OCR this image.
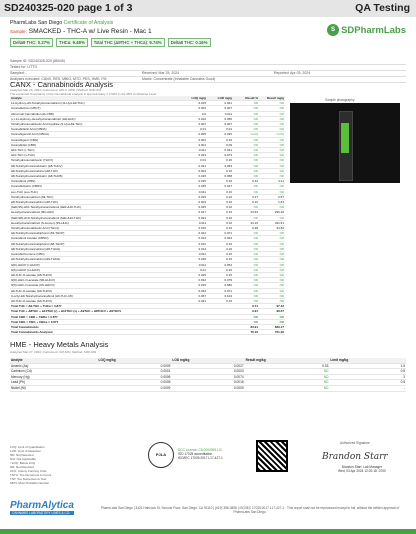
SD240325-020 page 1 of 3	QA Testing
PharmLabs San Diego Certificate of Analysis
Sample: SMACKED - THC-A w/ Live Resin - Mac 1
Delta9 THC: 0.27%	THCa: 9.48%	Total THC (Δ9THC + THCa): 9.74%	Delta8 THC: 0.16%
S SDPharmLabs
Sample ID: SD240325-020 (85045)
Tested for: LITTO
Sampled: -	Received: Mar 25, 2024	Reported: Apr 03, 2024
Analyses executed: CANX, RES, MBIO, MTO, PES, HME, FM	Matrix: Concentrate (Inhalable Cannabis Good)
CANX - Cannabinoids Analysis
Analyzed Mar 26, 2024 | Instrument: HPLC VWD | Method: SOP-001
The expanded Uncertainty of the Cannabinoid analysis is approximately ± 0.92% in the 95% Confidence Level
Analyte	LOQ mg/g	LOD mg/g	Result %	Result mg/g
11-Hydroxy-Δ9-Tetrahydrocannabinol (11-Hyd-Δ9-THC)	0.015	0.041	ND	ND
Cannabicitran (CBCT)	0.002	0.007	ND	ND
Abnormal Cannabidiol (ab-CBD)	0.0	0.011	ND	ND
(+)-11-Hydroxy-Hexahydrocannabinol (HH-HHC)	0.012	0.056	ND	ND
Tetrahydrocannabinolic Acid Hydrate (9-Hyd-Δ9-THC)	0.007	0.007	ND	ND
Cannabidiolic Acid (CBDA)	0.01	0.01	ND	ND
Cannabigerolic Acid (CBGA)	0.005	0.015	<LOQ	<LOQ
Cannabigerol (CBG)	0.001	0.16	ND	ND
Cannabidiol (CBD)	0.001	0.09	ND	ND
Δ10-THC (r-THC)	0.011	0.041	ND	ND
Δ10-THC (s-THC)	0.023	0.073	ND	ND
Tetrahydrocannabivarin (THCV)	0.01	0.16	ND	ND
Δ8-Tetrahydrocannabivarin (Δ8-THCV)	0.021	0.063	ND	ND
Δ8-Tetrahydrocannabinol (Δ8-THC)	0.001	0.16	ND	ND
Δ8-Tetrahydrocannabivarin (Δ8-THCB)	0.015	0.058	ND	ND
Cannabinol (CBN)	0.015	0.16	0.42	4.21
Cannabidivarin (CBDV)	0.015	0.047	ND	ND
exo-THC (exo-THC)	0.011	0.16	ND	ND
Tetrahydrocannabinol (Δ9-THC)	0.015	0.16	0.27	2.67
Δ8-Tetrahydrocannabinol (Δ8-THC)	0.004	0.16	0.16	1.63
(6aR,9S)-Δ10-Tetrahydrocannabinol (9aR-Δ10-THC)	0.015	0.16	ND	ND
Hexahydrocannabinol (9R-HHC)	0.017	0.16	23.63	236.26
(6aR,9R)-Δ10-Tetrahydrocannabinol (6aR-Δ10-THC)	0.021	0.16	ND	ND
Hexahydrocannabinol (S-isomer) (9S-HHC)	0.011	0.16	43.16	431.61
Tetrahydrocannabinolic Acid (THCA)	0.015	0.16	9.48	94.84
Δ9-Tetrahydrocannabiphorol (Δ9-THCP)	0.024	0.071	ND	ND
Cannabinol Acetate (CBNO)	0.014	0.043	ND	ND
Δ8-Tetrahydrocannabiphorol (Δ8-THCP)	0.012	0.16	ND	ND
Δ8-Tetrahydrocannabinol (Δ8-THCH)	0.014	0.16	ND	ND
Cannabichromene (CBC)	0.011	0.16	ND	ND
Δ9-Tetrahydrocannabinol (Δ9-THCH)	0.016	0.16	ND	ND
9(R)-HHCP (r-HHCP)	0.011	0.054	ND	ND
9(S)-HHCP (s-HHCP)	0.01	0.16	ND	ND
Δ8-THC-O-acetate (Δ8-THCO)	0.025	0.15	ND	ND
9(R)-HHC-O-acetate (9R-HHCO)	0.032	0.079	ND	ND
9(S)-HHC-O-acetate (9S-HHCO)	0.016	0.082	ND	ND
Δ9-THC-O-acetate (Δ9-THCO)	0.034	0.071	ND	ND
3-octyl-Δ9-Tetrahydrocannabinol (Δ9-THC-C8)	0.067	0.104	ND	ND
Δ9-THC-O-acetate (Δ9-THCO)	0.041	0.16	ND	ND
Total THC = Δ9-THC + THCa × 0.877			9.74	97.42
Total THC + Δ8THC + Δ10THC (r) + Δ10THC (s) + Δ9THC + Δ8THCV + Δ9THCV			9.91	99.07
Total CBD = CBD + CBDa × 0.877			ND	ND
Total CBG = CBG + CBGa × 0.877			ND	ND
Total Cannabinoids			83.91	839.17
Total Cannabinoids Analyzed			76.16	761.36
Sample photography
HME - Heavy Metals Analysis
Analyzed Mar 27, 2024 | Instrument: ICP-MS | Method: SOP-003
Analyte	LOQ mg/kg	LOD mg/kg	Result mg/kg	Limit mg/kg
Arsenic (As)	0.0009	0.0027	0.03	1.5
Cadmium (Cd)	0.0001	0.0003	ND	0.5
Mercury (Hg)	0.0006	0.0074	ND	3
Lead (Pb)	0.0005	0.0016	ND	0.5
Nickel (Ni)	0.0009	0.0009	ND	-
LOQ: Limit of Quantitation
LOD: Limit of Detection
ND: Not Detected
N/A: Not Applicable
<LOQ: Below LOQ
NR: Not Reported
CFU: Colony Forming Units
TNTC: Too Numerous to Count
TNT: Too Numerous to Test
MPN: Most Probable Number
PJLA
DCC License: C8-0000095-LIC
ISO 17025 accreditation
ISO/IEC 17025:2017 L17-427-1
Authorized Signature
Brandon Starr
Brandon Starr, Lab Manager
Wed, 03 Apr 2024 12:02:18 -0700
PharmAlytica
CANNABIS LABORATORY LINES & CO.
PharmLabs San Diego | 3421 Hancock St, Second Floor, San Diego, CA 92110 | (619) 356-0898 | ISO/IEC 17025:2017 L17-427-1 · This report shall not be reproduced except in full, without the written approval of PharmLabs San Diego.
